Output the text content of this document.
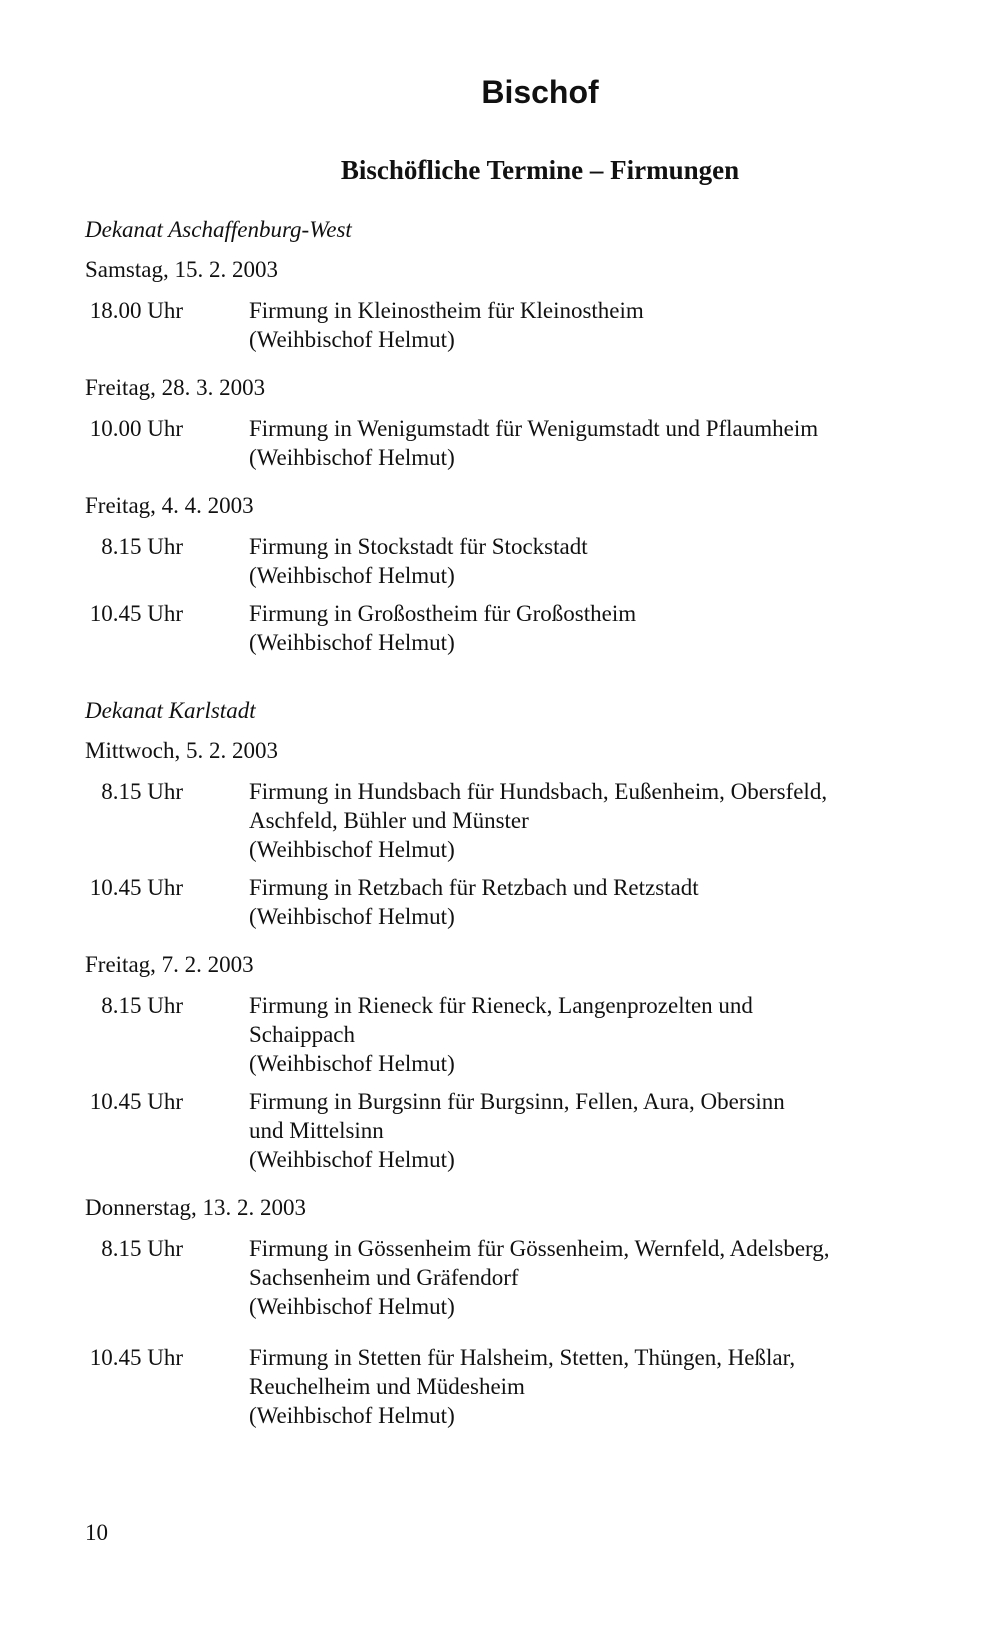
Bischof
Bischöfliche Termine – Firmungen
Dekanat Aschaffenburg-West
Samstag, 15. 2. 2003
18.00 Uhr	Firmung in Kleinostheim für Kleinostheim
(Weihbischof Helmut)
Freitag, 28. 3. 2003
10.00 Uhr	Firmung in Wenigumstadt für Wenigumstadt und Pflaumheim
(Weihbischof Helmut)
Freitag, 4. 4. 2003
8.15 Uhr	Firmung in Stockstadt für Stockstadt
(Weihbischof Helmut)
10.45 Uhr	Firmung in Großostheim für Großostheim
(Weihbischof Helmut)
Dekanat Karlstadt
Mittwoch, 5. 2. 2003
8.15 Uhr	Firmung in Hundsbach für Hundsbach, Eußenheim, Obersfeld,
Aschfeld, Bühler und Münster
(Weihbischof Helmut)
10.45 Uhr	Firmung in Retzbach für Retzbach und Retzstadt
(Weihbischof Helmut)
Freitag, 7. 2. 2003
8.15 Uhr	Firmung in Rieneck für Rieneck, Langenprozelten und
Schaippach
(Weihbischof Helmut)
10.45 Uhr	Firmung in Burgsinn für Burgsinn, Fellen, Aura, Obersinn
und Mittelsinn
(Weihbischof Helmut)
Donnerstag, 13. 2. 2003
8.15 Uhr	Firmung in Gössenheim für Gössenheim, Wernfeld, Adelsberg,
Sachsenheim und Gräfendorf
(Weihbischof Helmut)
10.45 Uhr	Firmung in Stetten für Halsheim, Stetten, Thüngen, Heßlar,
Reuchelheim und Müdesheim
(Weihbischof Helmut)
10
